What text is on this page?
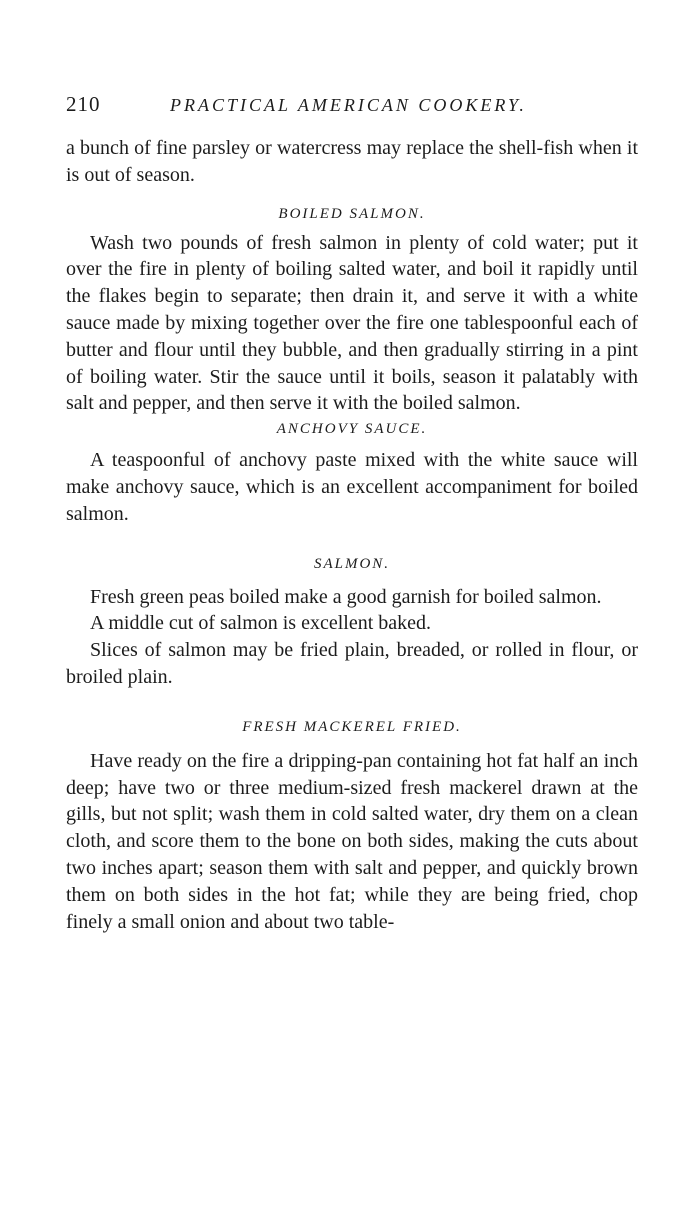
210	PRACTICAL AMERICAN COOKERY.

a bunch of fine parsley or watercress may replace the shell-fish when it is out of season.

BOILED SALMON.

Wash two pounds of fresh salmon in plenty of cold water; put it over the fire in plenty of boiling salted water, and boil it rapidly until the flakes begin to separate; then drain it, and serve it with a white sauce made by mixing together over the fire one tablespoonful each of butter and flour until they bubble, and then gradually stirring in a pint of boiling water. Stir the sauce until it boils, season it palatably with salt and pepper, and then serve it with the boiled salmon.

ANCHOVY SAUCE.

A teaspoonful of anchovy paste mixed with the white sauce will make anchovy sauce, which is an excellent accompaniment for boiled salmon.

SALMON.

Fresh green peas boiled make a good garnish for boiled salmon.

A middle cut of salmon is excellent baked.

Slices of salmon may be fried plain, breaded, or rolled in flour, or broiled plain.

FRESH MACKEREL FRIED.

Have ready on the fire a dripping-pan containing hot fat half an inch deep; have two or three medium-sized fresh mackerel drawn at the gills, but not split; wash them in cold salted water, dry them on a clean cloth, and score them to the bone on both sides, making the cuts about two inches apart; season them with salt and pepper, and quickly brown them on both sides in the hot fat; while they are being fried, chop finely a small onion and about two table-
